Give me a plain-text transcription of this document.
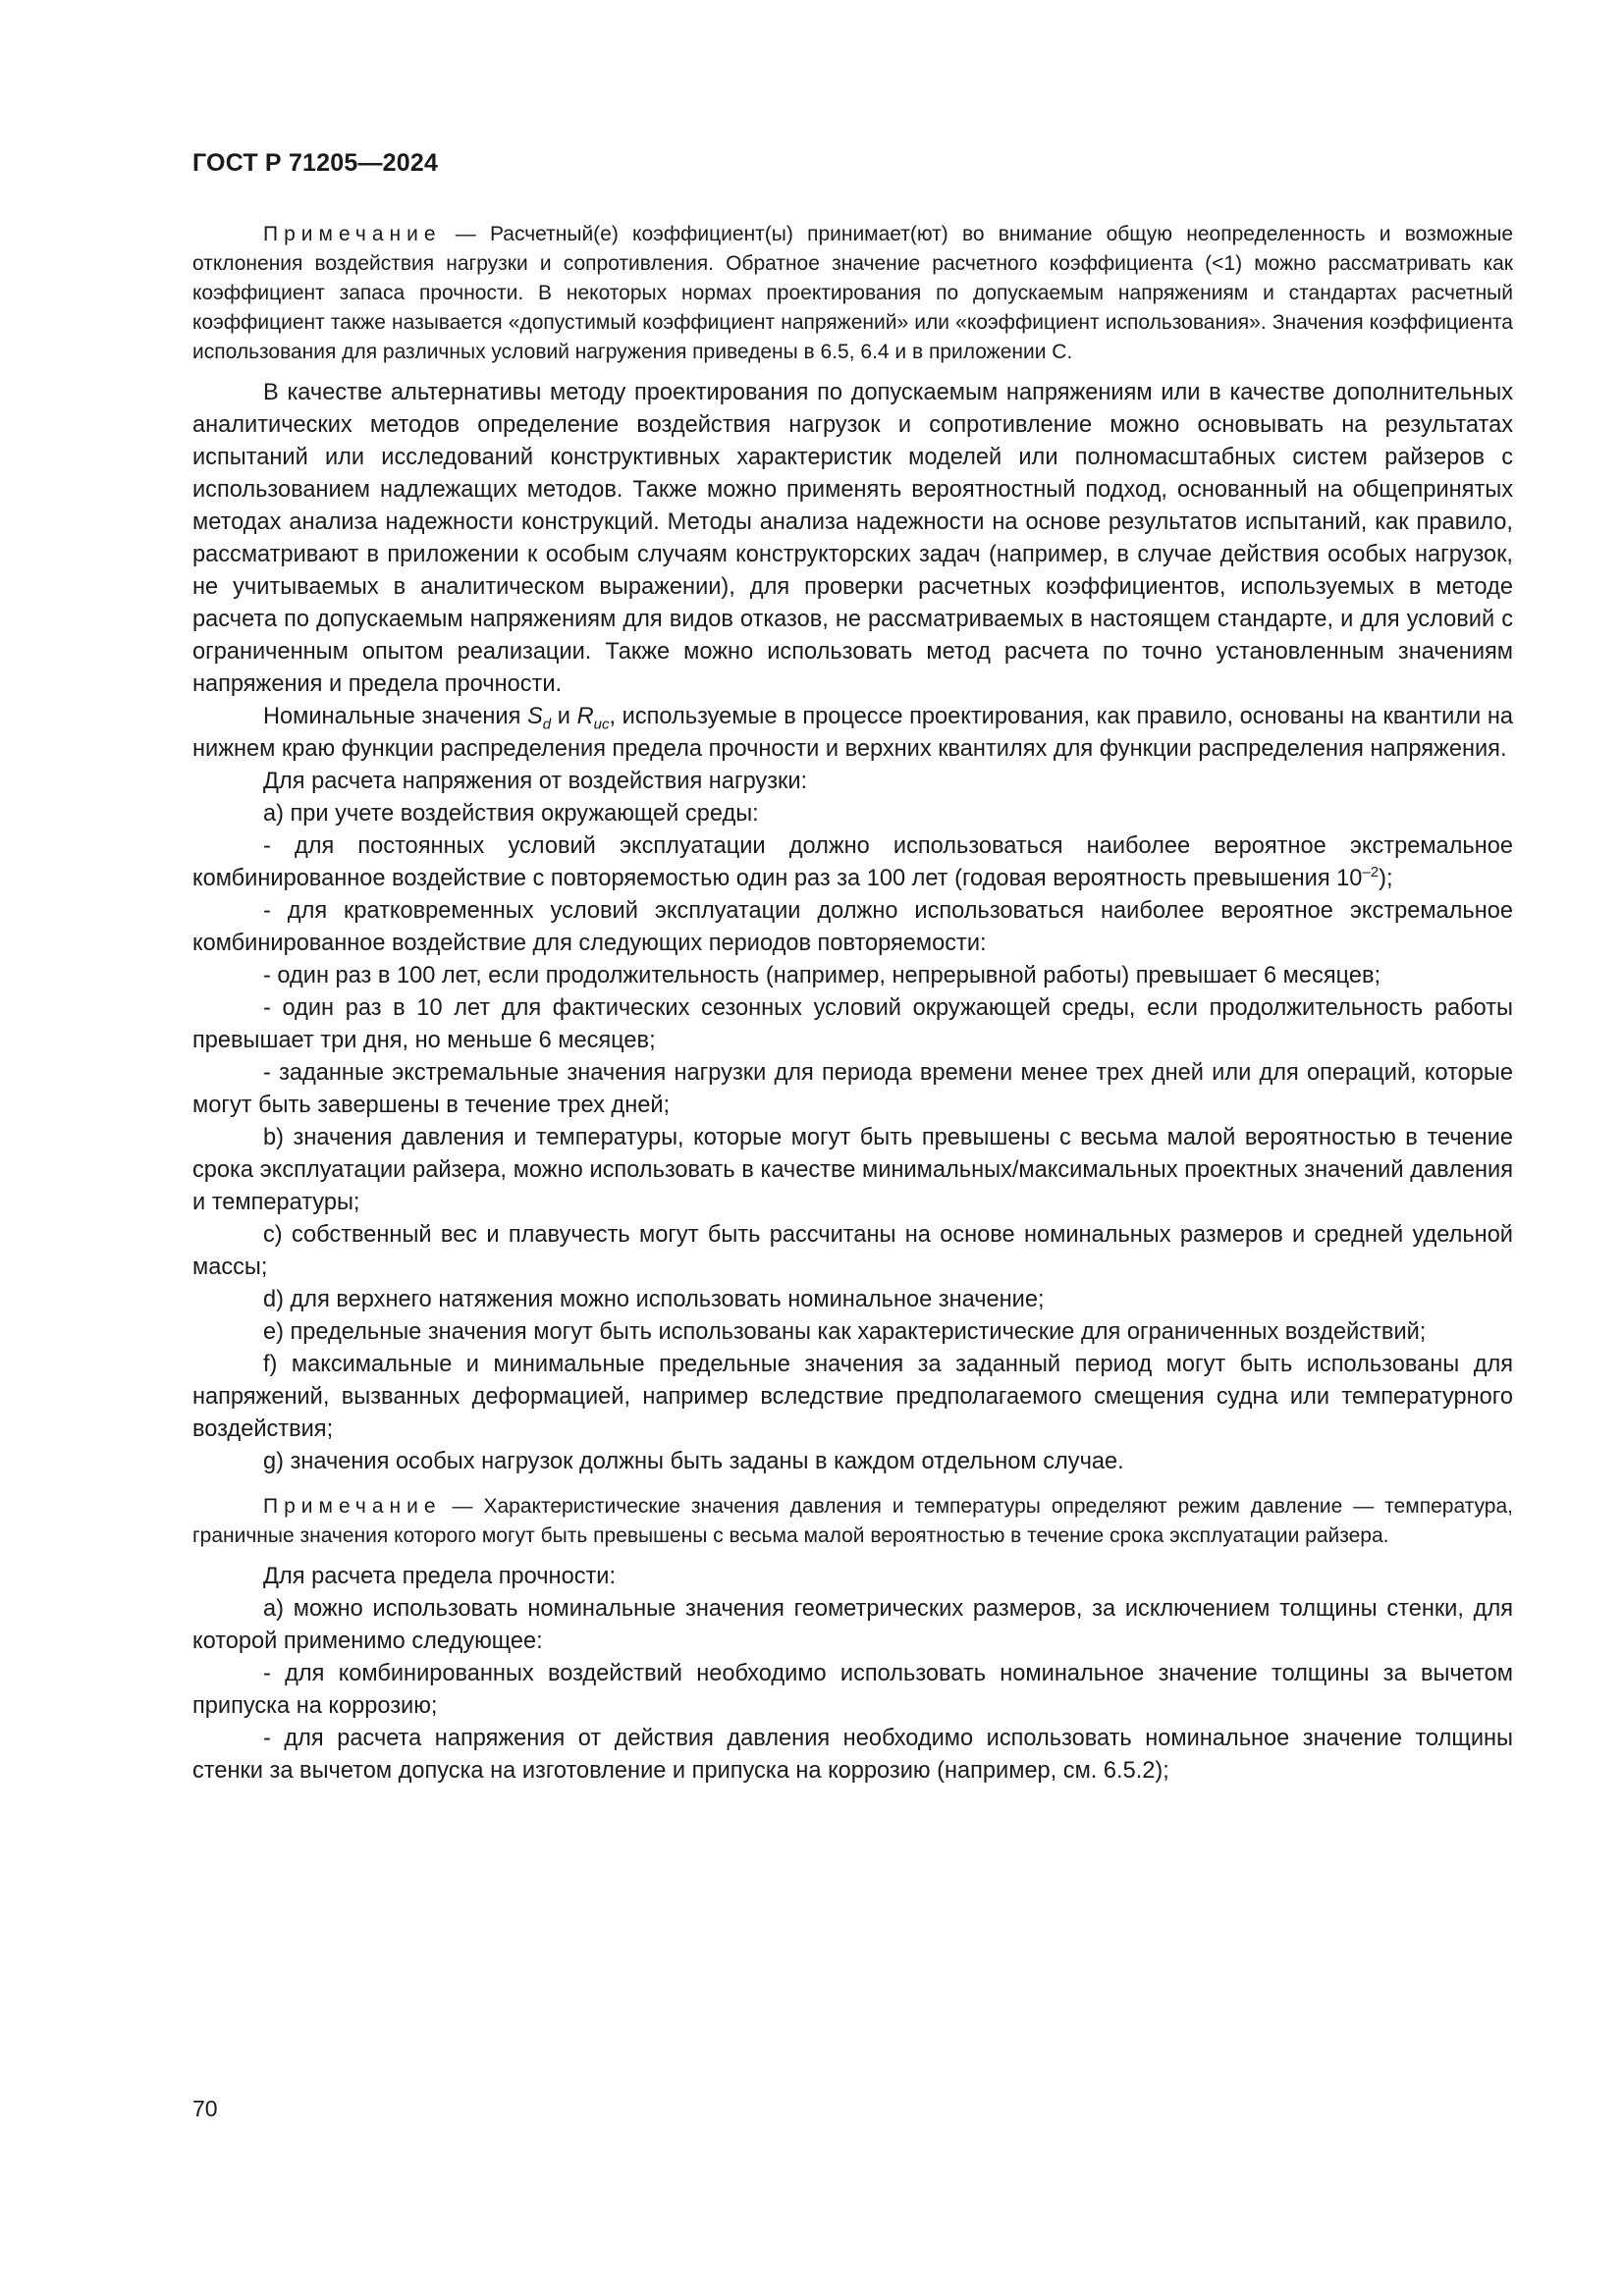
ГОСТ Р 71205—2024

Примечание — Расчетный(е) коэффициент(ы) принимает(ют) во внимание общую неопределенность и возможные отклонения воздействия нагрузки и сопротивления. Обратное значение расчетного коэффициента (<1) можно рассматривать как коэффициент запаса прочности. В некоторых нормах проектирования по допускаемым напряжениям и стандартах расчетный коэффициент также называется «допустимый коэффициент напряжений» или «коэффициент использования». Значения коэффициента использования для различных условий нагружения приведены в 6.5, 6.4 и в приложении С.

В качестве альтернативы методу проектирования по допускаемым напряжениям или в качестве дополнительных аналитических методов определение воздействия нагрузок и сопротивление можно основывать на результатах испытаний или исследований конструктивных характеристик моделей или полномасштабных систем райзеров с использованием надлежащих методов. Также можно применять вероятностный подход, основанный на общепринятых методах анализа надежности конструкций. Методы анализа надежности на основе результатов испытаний, как правило, рассматривают в приложении к особым случаям конструкторских задач (например, в случае действия особых нагрузок, не учитываемых в аналитическом выражении), для проверки расчетных коэффициентов, используемых в методе расчета по допускаемым напряжениям для видов отказов, не рассматриваемых в настоящем стандарте, и для условий с ограниченным опытом реализации. Также можно использовать метод расчета по точно установленным значениям напряжения и предела прочности.

Номинальные значения $S_d$ и $R_{uc}$, используемые в процессе проектирования, как правило, основаны на квантили на нижнем краю функции распределения предела прочности и верхних квантилях для функции распределения напряжения.

Для расчета напряжения от воздействия нагрузки:

а) при учете воздействия окружающей среды:

- для постоянных условий эксплуатации должно использоваться наиболее вероятное экстремальное комбинированное воздействие с повторяемостью один раз за 100 лет (годовая вероятность превышения $10^{-2}$);

- для кратковременных условий эксплуатации должно использоваться наиболее вероятное экстремальное комбинированное воздействие для следующих периодов повторяемости:

- один раз в 100 лет, если продолжительность (например, непрерывной работы) превышает 6 месяцев;

- один раз в 10 лет для фактических сезонных условий окружающей среды, если продолжительность работы превышает три дня, но меньше 6 месяцев;

- заданные экстремальные значения нагрузки для периода времени менее трех дней или для операций, которые могут быть завершены в течение трех дней;

b) значения давления и температуры, которые могут быть превышены с весьма малой вероятностью в течение срока эксплуатации райзера, можно использовать в качестве минимальных/максимальных проектных значений давления и температуры;

c) собственный вес и плавучесть могут быть рассчитаны на основе номинальных размеров и средней удельной массы;

d) для верхнего натяжения можно использовать номинальное значение;

e) предельные значения могут быть использованы как характеристические для ограниченных воздействий;

f) максимальные и минимальные предельные значения за заданный период могут быть использованы для напряжений, вызванных деформацией, например вследствие предполагаемого смещения судна или температурного воздействия;

g) значения особых нагрузок должны быть заданы в каждом отдельном случае.

Примечание — Характеристические значения давления и температуры определяют режим давление — температура, граничные значения которого могут быть превышены с весьма малой вероятностью в течение срока эксплуатации райзера.

Для расчета предела прочности:

а) можно использовать номинальные значения геометрических размеров, за исключением толщины стенки, для которой применимо следующее:

- для комбинированных воздействий необходимо использовать номинальное значение толщины за вычетом припуска на коррозию;

- для расчета напряжения от действия давления необходимо использовать номинальное значение толщины стенки за вычетом допуска на изготовление и припуска на коррозию (например, см. 6.5.2);

70
